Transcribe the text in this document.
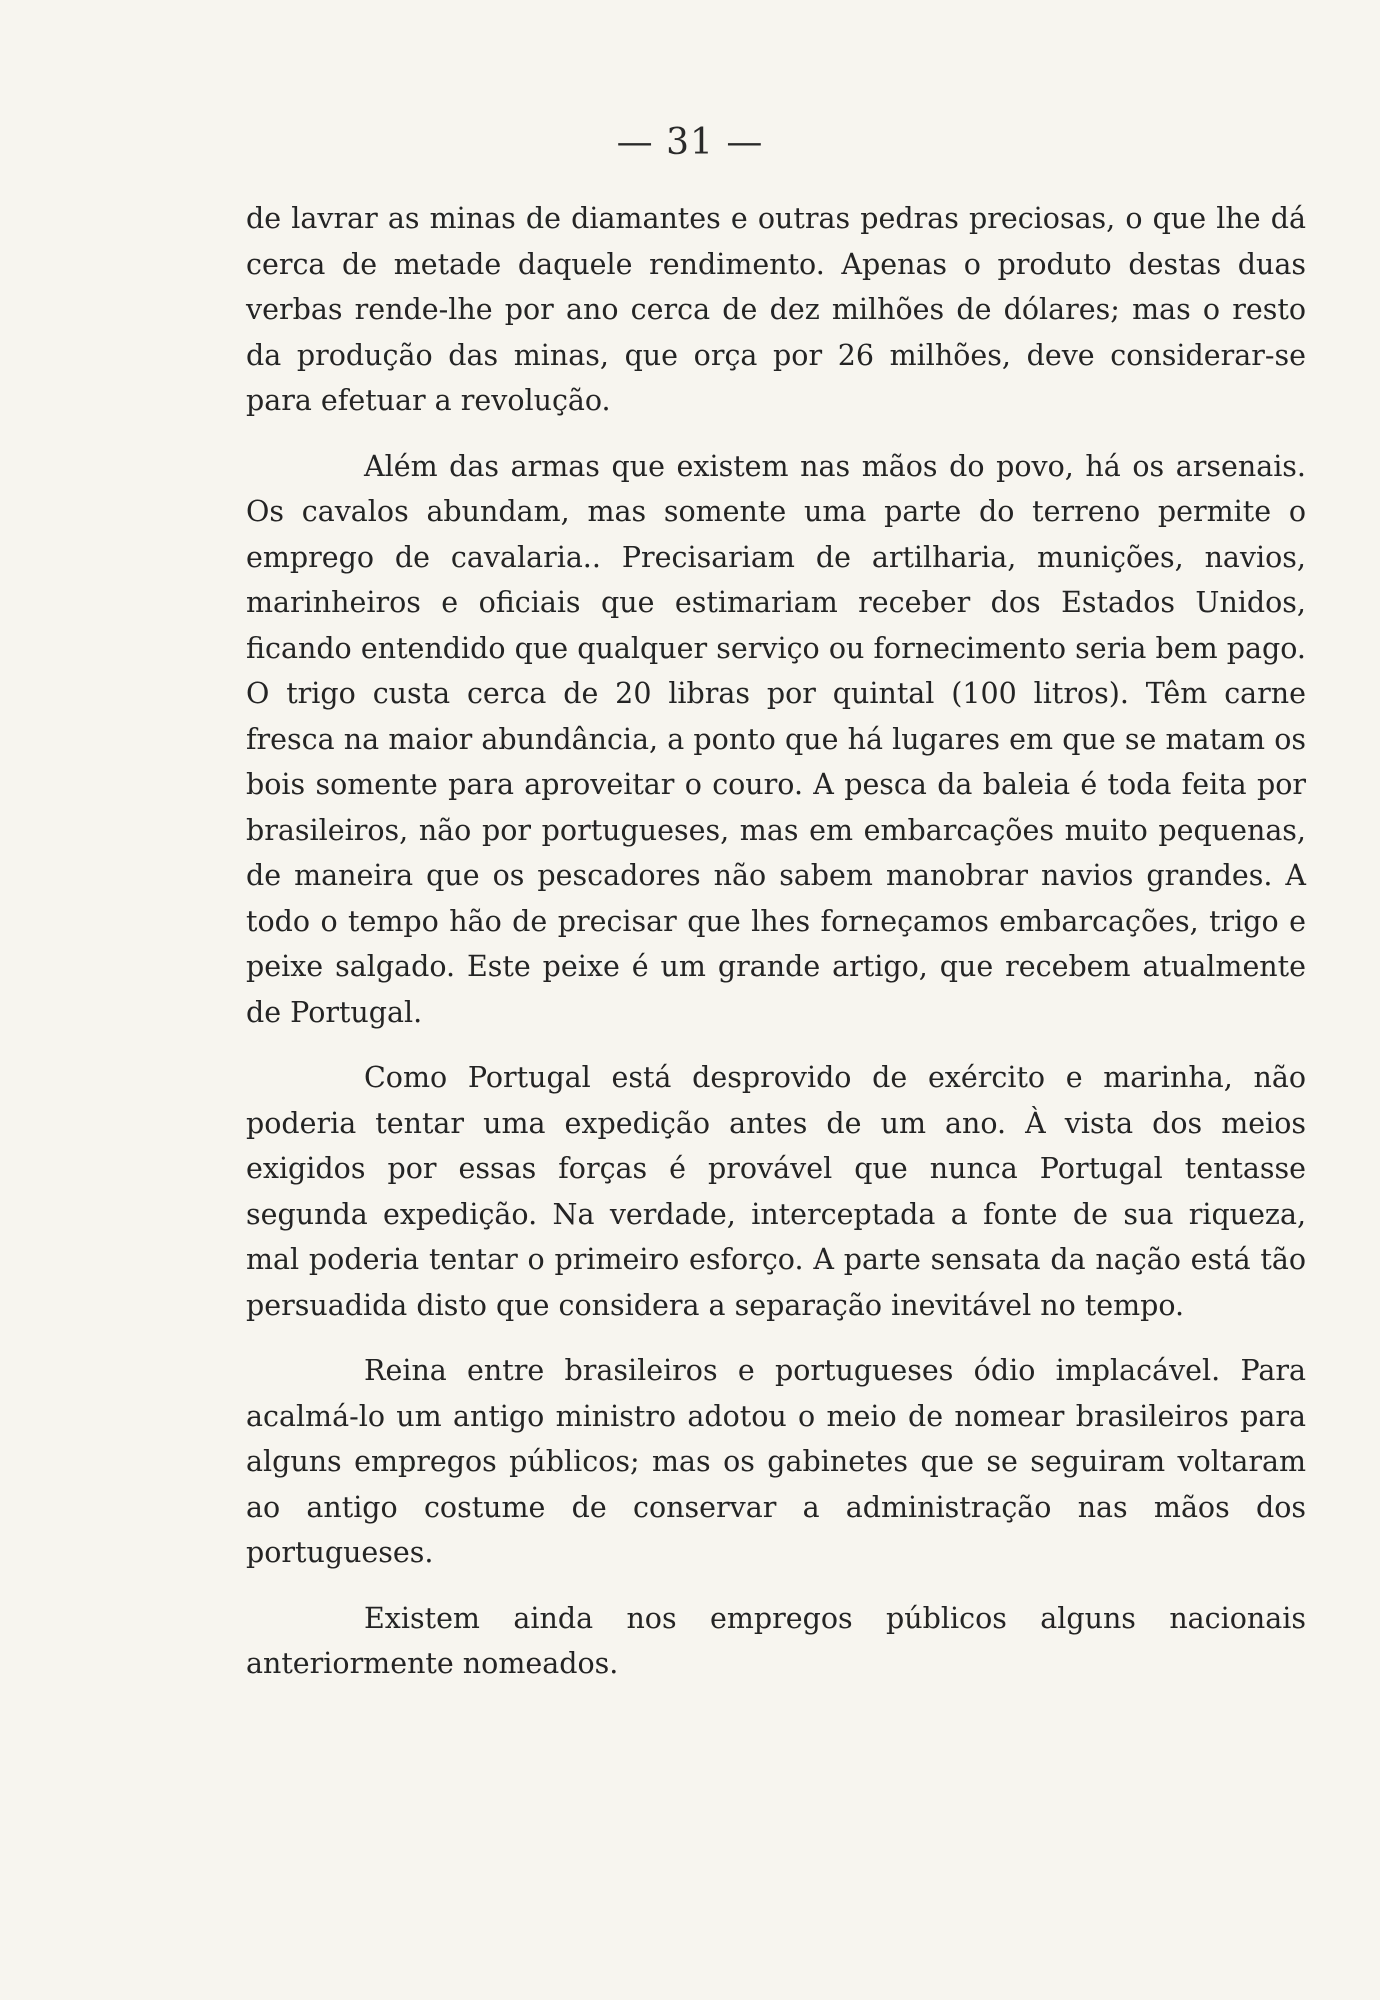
— 31 —

de lavrar as minas de diamantes e outras pedras preciosas, o que lhe dá cerca de metade daquele rendimento. Apenas o produto destas duas verbas rende-lhe por ano cerca de dez milhões de dólares; mas o resto da produção das minas, que orça por 26 milhões, deve considerar-se para efetuar a revolução.

Além das armas que existem nas mãos do povo, há os arsenais. Os cavalos abundam, mas somente uma parte do terreno permite o emprego de cavalaria.. Precisariam de artilharia, munições, navios, marinheiros e oficiais que estimariam receber dos Estados Unidos, ficando entendido que qualquer serviço ou fornecimento seria bem pago. O trigo custa cerca de 20 libras por quintal (100 litros). Têm carne fresca na maior abundância, a ponto que há lugares em que se matam os bois somente para aproveitar o couro. A pesca da baleia é toda feita por brasileiros, não por portugueses, mas em embarcações muito pequenas, de maneira que os pescadores não sabem manobrar navios grandes. A todo o tempo hão de precisar que lhes forneçamos embarcações, trigo e peixe salgado. Este peixe é um grande artigo, que recebem atualmente de Portugal.

Como Portugal está desprovido de exército e marinha, não poderia tentar uma expedição antes de um ano. À vista dos meios exigidos por essas forças é provável que nunca Portugal tentasse segunda expedição. Na verdade, interceptada a fonte de sua riqueza, mal poderia tentar o primeiro esforço. A parte sensata da nação está tão persuadida disto que considera a separação inevitável no tempo.

Reina entre brasileiros e portugueses ódio implacável. Para acalmá-lo um antigo ministro adotou o meio de nomear brasileiros para alguns empregos públicos; mas os gabinetes que se seguiram voltaram ao antigo costume de conservar a administração nas mãos dos portugueses.

Existem ainda nos empregos públicos alguns nacionais anteriormente nomeados.
